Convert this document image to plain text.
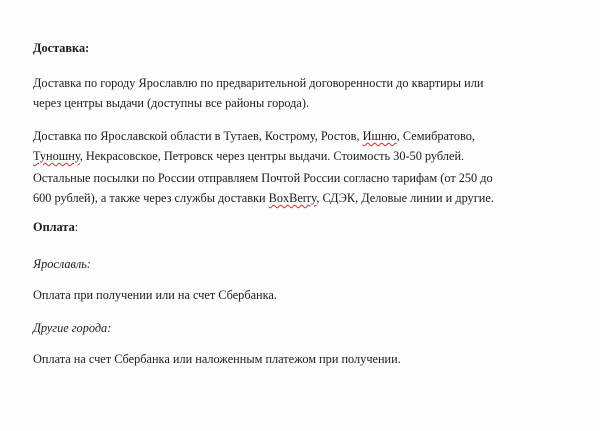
Доставка:
Доставка по городу Ярославлю по предварительной договоренности до квартиры или
через центры выдачи (доступны все районы города).
Доставка по Ярославской области в Тутаев, Кострому, Ростов, Ишню, Семибратово,
Туношну, Некрасовское, Петровск через центры выдачи. Стоимость 30-50 рублей.
Остальные посылки по России отправляем Почтой России согласно тарифам (от 250 до
600 рублей), а также через службы доставки BoxBerry, СДЭК, Деловые линии и другие.
Оплата:
Ярославль:
Оплата при получении или на счет Сбербанка.
Другие города:
Оплата на счет Сбербанка или наложенным платежом при получении.
